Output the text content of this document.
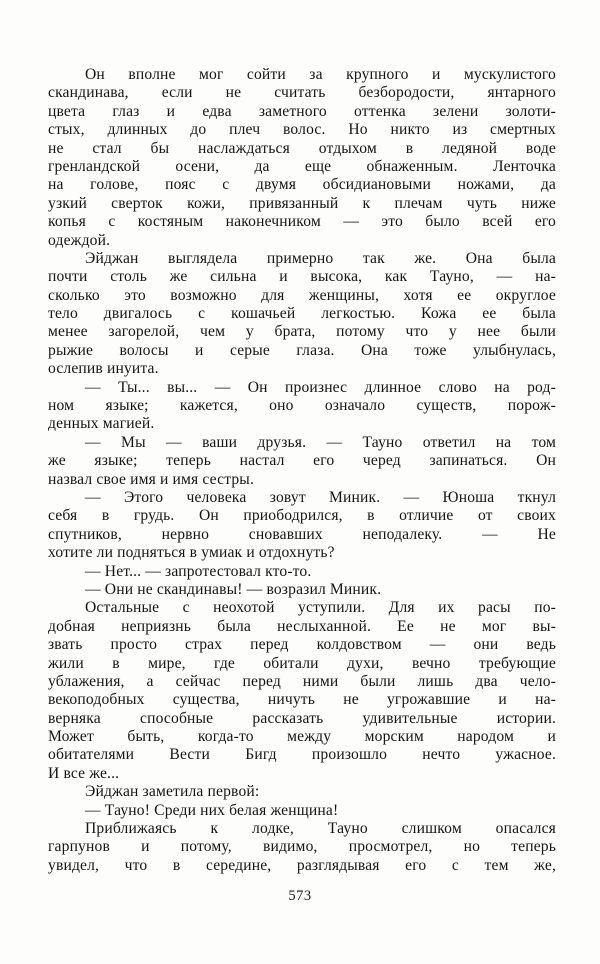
Он вполне мог сойти за крупного и мускулистого
скандинава, если не считать безбородости, янтарного
цвета глаз и едва заметного оттенка зелени золоти-
стых, длинных до плеч волос. Но никто из смертных
не стал бы наслаждаться отдыхом в ледяной воде
гренландской осени, да еще обнаженным. Ленточка
на голове, пояс с двумя обсидиановыми ножами, да
узкий сверток кожи, привязанный к плечам чуть ниже
копья с костяным наконечником — это было всей его
одеждой.
Эйджан выглядела примерно так же. Она была
почти столь же сильна и высока, как Тауно, — на-
сколько это возможно для женщины, хотя ее округлое
тело двигалось с кошачьей легкостью. Кожа ее была
менее загорелой, чем у брата, потому что у нее были
рыжие волосы и серые глаза. Она тоже улыбнулась,
ослепив инуита.
— Ты... вы... — Он произнес длинное слово на род-
ном языке; кажется, оно означало существ, порож-
денных магией.
— Мы — ваши друзья. — Тауно ответил на том
же языке; теперь настал его черед запинаться. Он
назвал свое имя и имя сестры.
— Этого человека зовут Миник. — Юноша ткнул
себя в грудь. Он приободрился, в отличие от своих
спутников, нервно сновавших неподалеку. — Не
хотите ли подняться в умиак и отдохнуть?
— Нет... — запротестовал кто-то.
— Они не скандинавы! — возразил Миник.
Остальные с неохотой уступили. Для их расы по-
добная неприязнь была неслыханной. Ее не мог вы-
звать просто страх перед колдовством — они ведь
жили в мире, где обитали духи, вечно требующие
ублажения, а сейчас перед ними были лишь два чело-
векоподобных существа, ничуть не угрожавшие и на-
верняка способные рассказать удивительные истории.
Может быть, когда-то между морским народом и
обитателями Вести Бигд произошло нечто ужасное.
И все же...
Эйджан заметила первой:
— Тауно! Среди них белая женщина!
Приближаясь к лодке, Тауно слишком опасался
гарпунов и потому, видимо, просмотрел, но теперь
увидел, что в середине, разглядывая его с тем же,
573
